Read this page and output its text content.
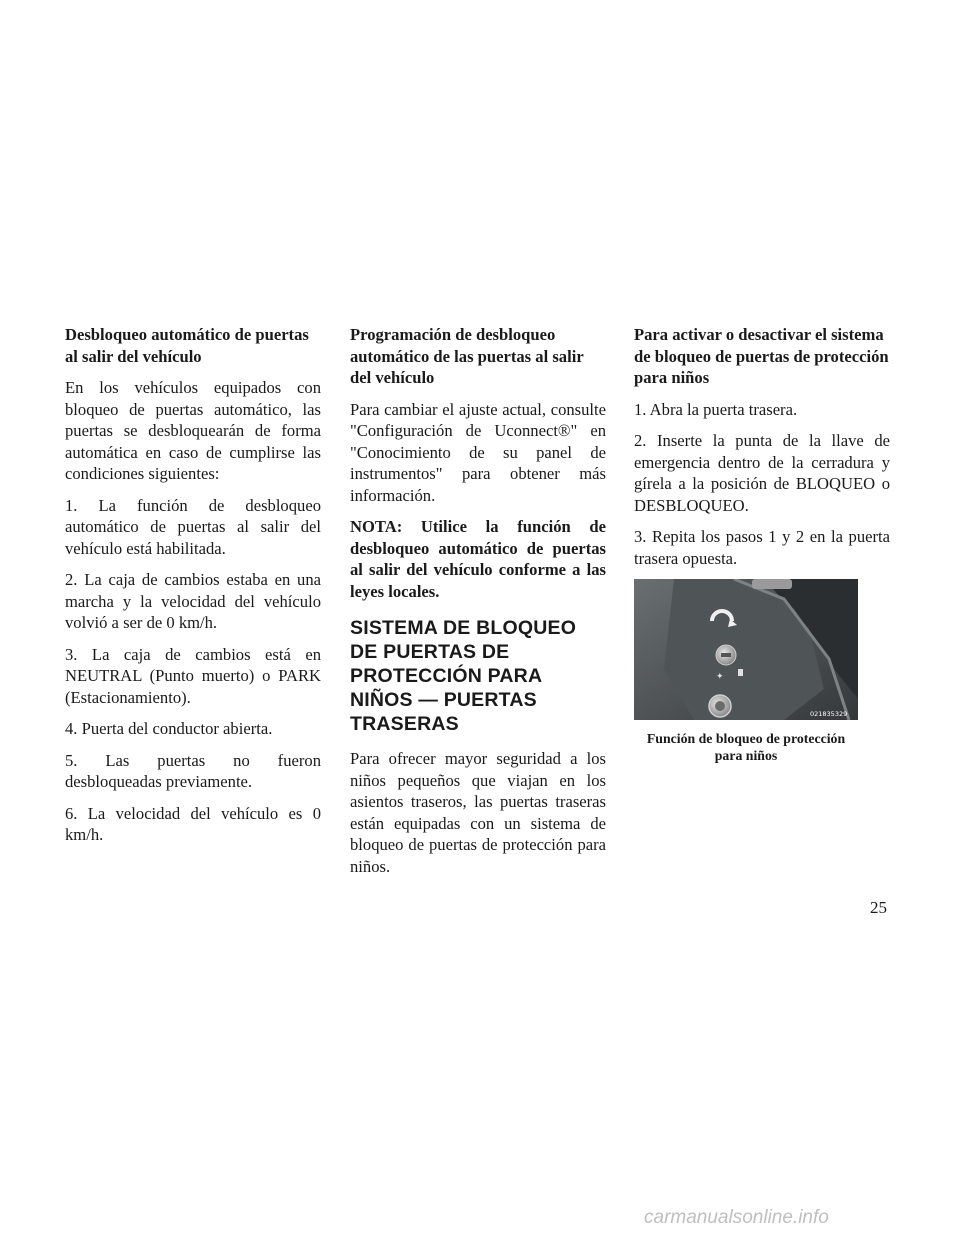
Desbloqueo automático de puertas al salir del vehículo

En los vehículos equipados con bloqueo de puertas automático, las puertas se desbloquearán de forma automática en caso de cumplirse las condiciones siguientes:

1. La función de desbloqueo automático de puertas al salir del vehículo está habilitada.

2. La caja de cambios estaba en una marcha y la velocidad del vehículo volvió a ser de 0 km/h.

3. La caja de cambios está en NEUTRAL (Punto muerto) o PARK (Estacionamiento).

4. Puerta del conductor abierta.

5. Las puertas no fueron desbloqueadas previamente.

6. La velocidad del vehículo es 0 km/h.

Programación de desbloqueo automático de las puertas al salir del vehículo

Para cambiar el ajuste actual, consulte "Configuración de Uconnect®" en "Conocimiento de su panel de instrumentos" para obtener más información.

NOTA: Utilice la función de desbloqueo automático de puertas al salir del vehículo conforme a las leyes locales.

SISTEMA DE BLOQUEO DE PUERTAS DE PROTECCIÓN PARA NIÑOS — PUERTAS TRASERAS

Para ofrecer mayor seguridad a los niños pequeños que viajan en los asientos traseros, las puertas traseras están equipadas con un sistema de bloqueo de puertas de protección para niños.

Para activar o desactivar el sistema de bloqueo de puertas de protección para niños

1. Abra la puerta trasera.

2. Inserte la punta de la llave de emergencia dentro de la cerradura y gírela a la posición de BLOQUEO o DESBLOQUEO.

3. Repita los pasos 1 y 2 en la puerta trasera opuesta.

✦
021835329
Función de bloqueo de protección para niños
25
carmanualsonline.info
